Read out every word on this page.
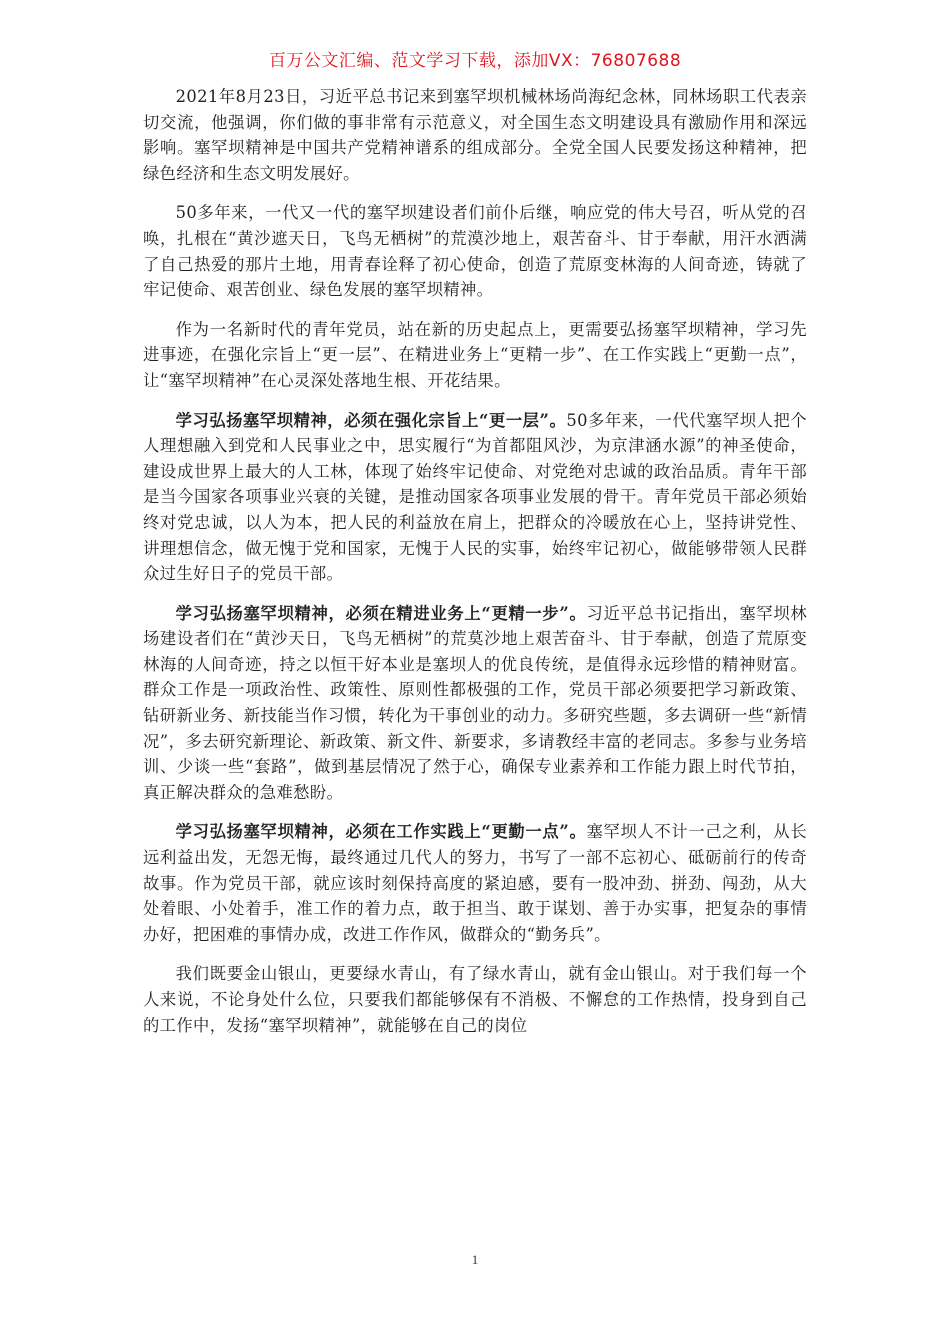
百万公文汇编、范文学习下载，添加VX：76807688

2021年8月23日，习近平总书记来到塞罕坝机械林场尚海纪念林，同林场职工代表亲切交流，他强调，你们做的事非常有示范意义，对全国生态文明建设具有激励作用和深远影响。塞罕坝精神是中国共产党精神谱系的组成部分。全党全国人民要发扬这种精神，把绿色经济和生态文明发展好。

50多年来，一代又一代的塞罕坝建设者们前仆后继，响应党的伟大号召，听从党的召唤，扎根在“黄沙遮天日，飞鸟无栖树”的荒漠沙地上，艰苦奋斗、甘于奉献，用汗水洒满了自己热爱的那片土地，用青春诠释了初心使命，创造了荒原变林海的人间奇迹，铸就了牢记使命、艰苦创业、绿色发展的塞罕坝精神。

作为一名新时代的青年党员，站在新的历史起点上，更需要弘扬塞罕坝精神，学习先进事迹，在强化宗旨上“更一层”、在精进业务上“更精一步”、在工作实践上“更勤一点”，让“塞罕坝精神”在心灵深处落地生根、开花结果。

学习弘扬塞罕坝精神，必须在强化宗旨上“更一层”。50多年来，一代代塞罕坝人把个人理想融入到党和人民事业之中，思实履行“为首都阻风沙，为京津涵水源”的神圣使命，建设成世界上最大的人工林，体现了始终牢记使命、对党绝对忠诚的政治品质。青年干部是当今国家各项事业兴衰的关键，是推动国家各项事业发展的骨干。青年党员干部必须始终对党忠诚，以人为本，把人民的利益放在肩上，把群众的冷暖放在心上，坚持讲党性、讲理想信念，做无愧于党和国家，无愧于人民的实事，始终牢记初心，做能够带领人民群众过生好日子的党员干部。

学习弘扬塞罕坝精神，必须在精进业务上“更精一步”。习近平总书记指出，塞罕坝林场建设者们在“黄沙天日，飞鸟无栖树”的荒莫沙地上艰苦奋斗、甘于奉献，创造了荒原变林海的人间奇迹，持之以恒干好本业是塞坝人的优良传统，是值得永远珍惜的精神财富。群众工作是一项政治性、政策性、原则性都极强的工作，党员干部必须要把学习新政策、钻研新业务、新技能当作习惯，转化为干事创业的动力。多研究些题，多去调研一些“新情况”，多去研究新理论、新政策、新文件、新要求，多请教经丰富的老同志。多参与业务培训、少谈一些“套路”，做到基层情况了然于心，确保专业素养和工作能力跟上时代节拍，真正解决群众的急难愁盼。

学习弘扬塞罕坝精神，必须在工作实践上“更勤一点”。塞罕坝人不计一己之利，从长远利益出发，无怨无悔，最终通过几代人的努力，书写了一部不忘初心、砥砺前行的传奇故事。作为党员干部，就应该时刻保持高度的紧迫感，要有一股冲劲、拼劲、闯劲，从大处着眼、小处着手，准工作的着力点，敢于担当、敢于谋划、善于办实事，把复杂的事情办好，把困难的事情办成，改进工作作风，做群众的“勤务兵”。

我们既要金山银山，更要绿水青山，有了绿水青山，就有金山银山。对于我们每一个人来说，不论身处什么位，只要我们都能够保有不消极、不懈怠的工作热情，投身到自己的工作中，发扬“塞罕坝精神”，就能够在自己的岗位

1
